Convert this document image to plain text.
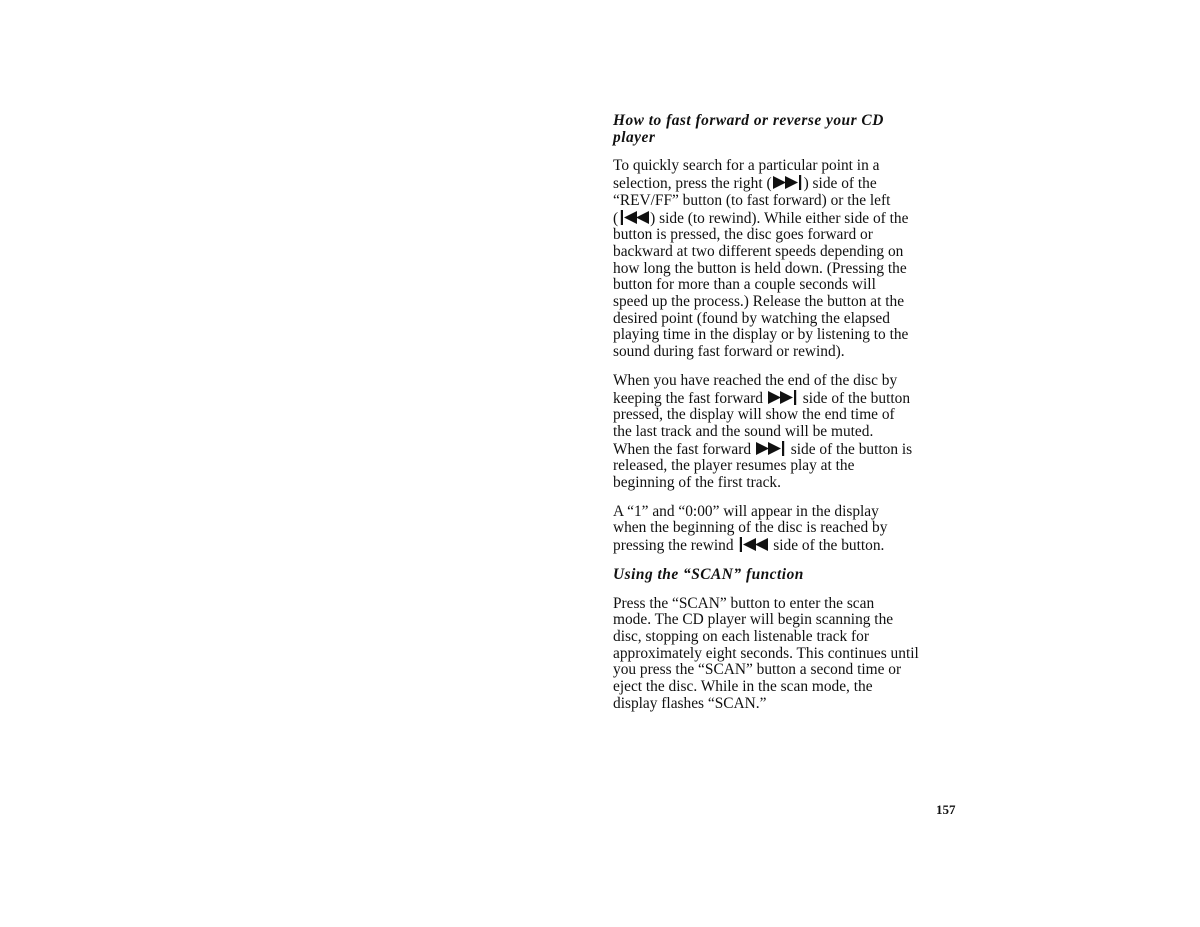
How to fast forward or reverse your CD
player
To quickly search for a particular point in a
selection, press the right ( ) side of the
“REV/FF” button (to fast forward) or the left
( ) side (to rewind). While either side of the
button is pressed, the disc goes forward or
backward at two different speeds depending on
how long the button is held down. (Pressing the
button for more than a couple seconds will
speed up the process.) Release the button at the
desired point (found by watching the elapsed
playing time in the display or by listening to the
sound during fast forward or rewind).
When you have reached the end of the disc by
keeping the fast forward	side of the button
pressed, the display will show the end time of
the last track and the sound will be muted.
When the fast forward	side of the button is
released, the player resumes play at the
beginning of the first track.
A “1” and “0:00” will appear in the display
when the beginning of the disc is reached by
pressing the rewind	side of the button.
Using the “SCAN” function
Press the “SCAN” button to enter the scan
mode. The CD player will begin scanning the
disc, stopping on each listenable track for
approximately eight seconds. This continues until
you press the “SCAN” button a second time or
eject the disc. While in the scan mode, the
display flashes “SCAN.”
157
